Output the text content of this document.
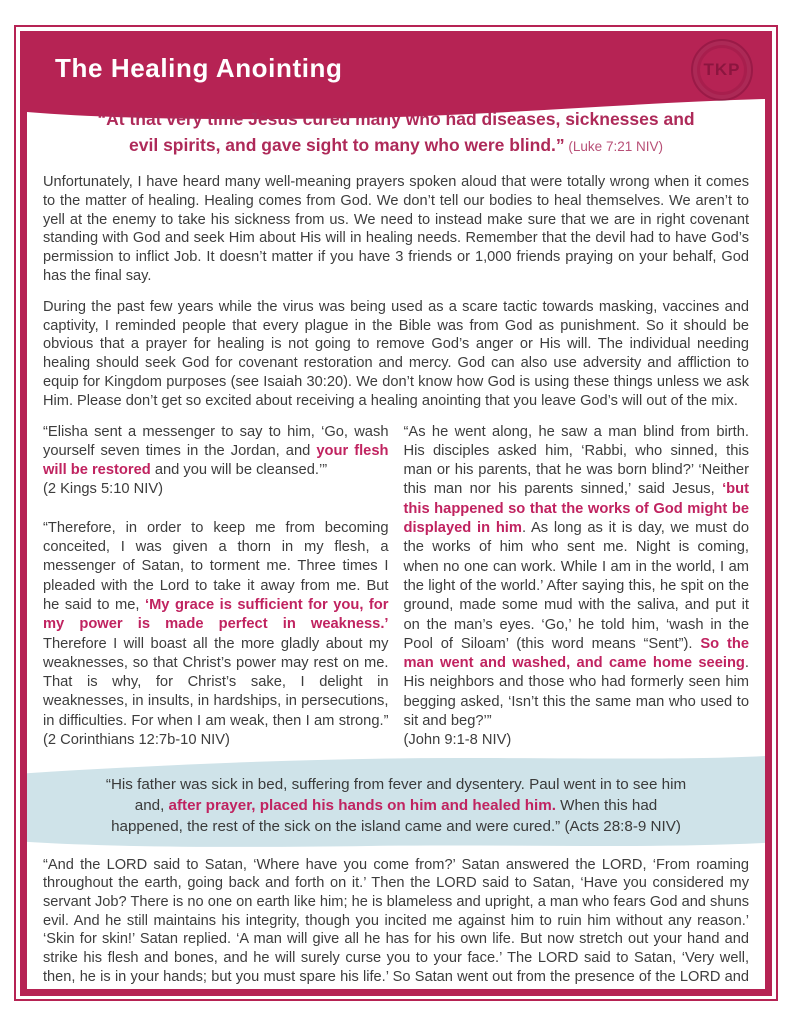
The Healing Anointing	TKP

“At that very time Jesus cured many who had diseases, sicknesses and evil spirits, and gave sight to many who were blind.” (Luke 7:21 NIV)

Unfortunately, I have heard many well-meaning prayers spoken aloud that were totally wrong when it comes to the matter of healing. Healing comes from God. We don’t tell our bodies to heal themselves. We aren’t to yell at the enemy to take his sickness from us. We need to instead make sure that we are in right covenant standing with God and seek Him about His will in healing needs. Remember that the devil had to have God’s permission to inflict Job. It doesn’t matter if you have 3 friends or 1,000 friends praying on your behalf, God has the final say.

During the past few years while the virus was being used as a scare tactic towards masking, vaccines and captivity, I reminded people that every plague in the Bible was from God as punishment. So it should be obvious that a prayer for healing is not going to remove God’s anger or His will. The individual needing healing should seek God for covenant restoration and mercy. God can also use adversity and affliction to equip for Kingdom purposes (see Isaiah 30:20). We don’t know how God is using these things unless we ask Him. Please don’t get so excited about receiving a healing anointing that you leave God’s will out of the mix.

“Elisha sent a messenger to say to him, ‘Go, wash yourself seven times in the Jordan, and your flesh will be restored and you will be cleansed.’”

(2 Kings 5:10 NIV)

“Therefore, in order to keep me from becoming conceited, I was given a thorn in my flesh, a messenger of Satan, to torment me. Three times I pleaded with the Lord to take it away from me. But he said to me, ‘My grace is sufficient for you, for my power is made perfect in weakness.’ Therefore I will boast all the more gladly about my weaknesses, so that Christ’s power may rest on me. That is why, for Christ’s sake, I delight in weaknesses, in insults, in hardships, in persecutions, in difficulties. For when I am weak, then I am strong.” (2 Corinthians 12:7b-10 NIV)

“As he went along, he saw a man blind from birth. His disciples asked him, ‘Rabbi, who sinned, this man or his parents, that he was born blind?’ ‘Neither this man nor his parents sinned,’ said Jesus, ‘but this happened so that the works of God might be displayed in him. As long as it is day, we must do the works of him who sent me. Night is coming, when no one can work. While I am in the world, I am the light of the world.’ After saying this, he spit on the ground, made some mud with the saliva, and put it on the man’s eyes. ‘Go,’ he told him, ‘wash in the Pool of Siloam’ (this word means “Sent”). So the man went and washed, and came home seeing. His neighbors and those who had formerly seen him begging asked, ‘Isn’t this the same man who used to sit and beg?’”

(John 9:1-8 NIV)

“His father was sick in bed, suffering from fever and dysentery. Paul went in to see him and, after prayer, placed his hands on him and healed him. When this had happened, the rest of the sick on the island came and were cured.” (Acts 28:8-9 NIV)

“And the LORD said to Satan, ‘Where have you come from?’ Satan answered the LORD, ‘From roaming throughout the earth, going back and forth on it.’ Then the LORD said to Satan, ‘Have you considered my servant Job? There is no one on earth like him; he is blameless and upright, a man who fears God and shuns evil. And he still maintains his integrity, though you incited me against him to ruin him without any reason.’ ‘Skin for skin!’ Satan replied. ‘A man will give all he has for his own life. But now stretch out your hand and strike his flesh and bones, and he will surely curse you to your face.’ The LORD said to Satan, ‘Very well, then, he is in your hands; but you must spare his life.’ So Satan went out from the presence of the LORD and afflicted Job with painful sores from the soles of his feet to the crown of his head.” (Job 2:2-7 NIV)
